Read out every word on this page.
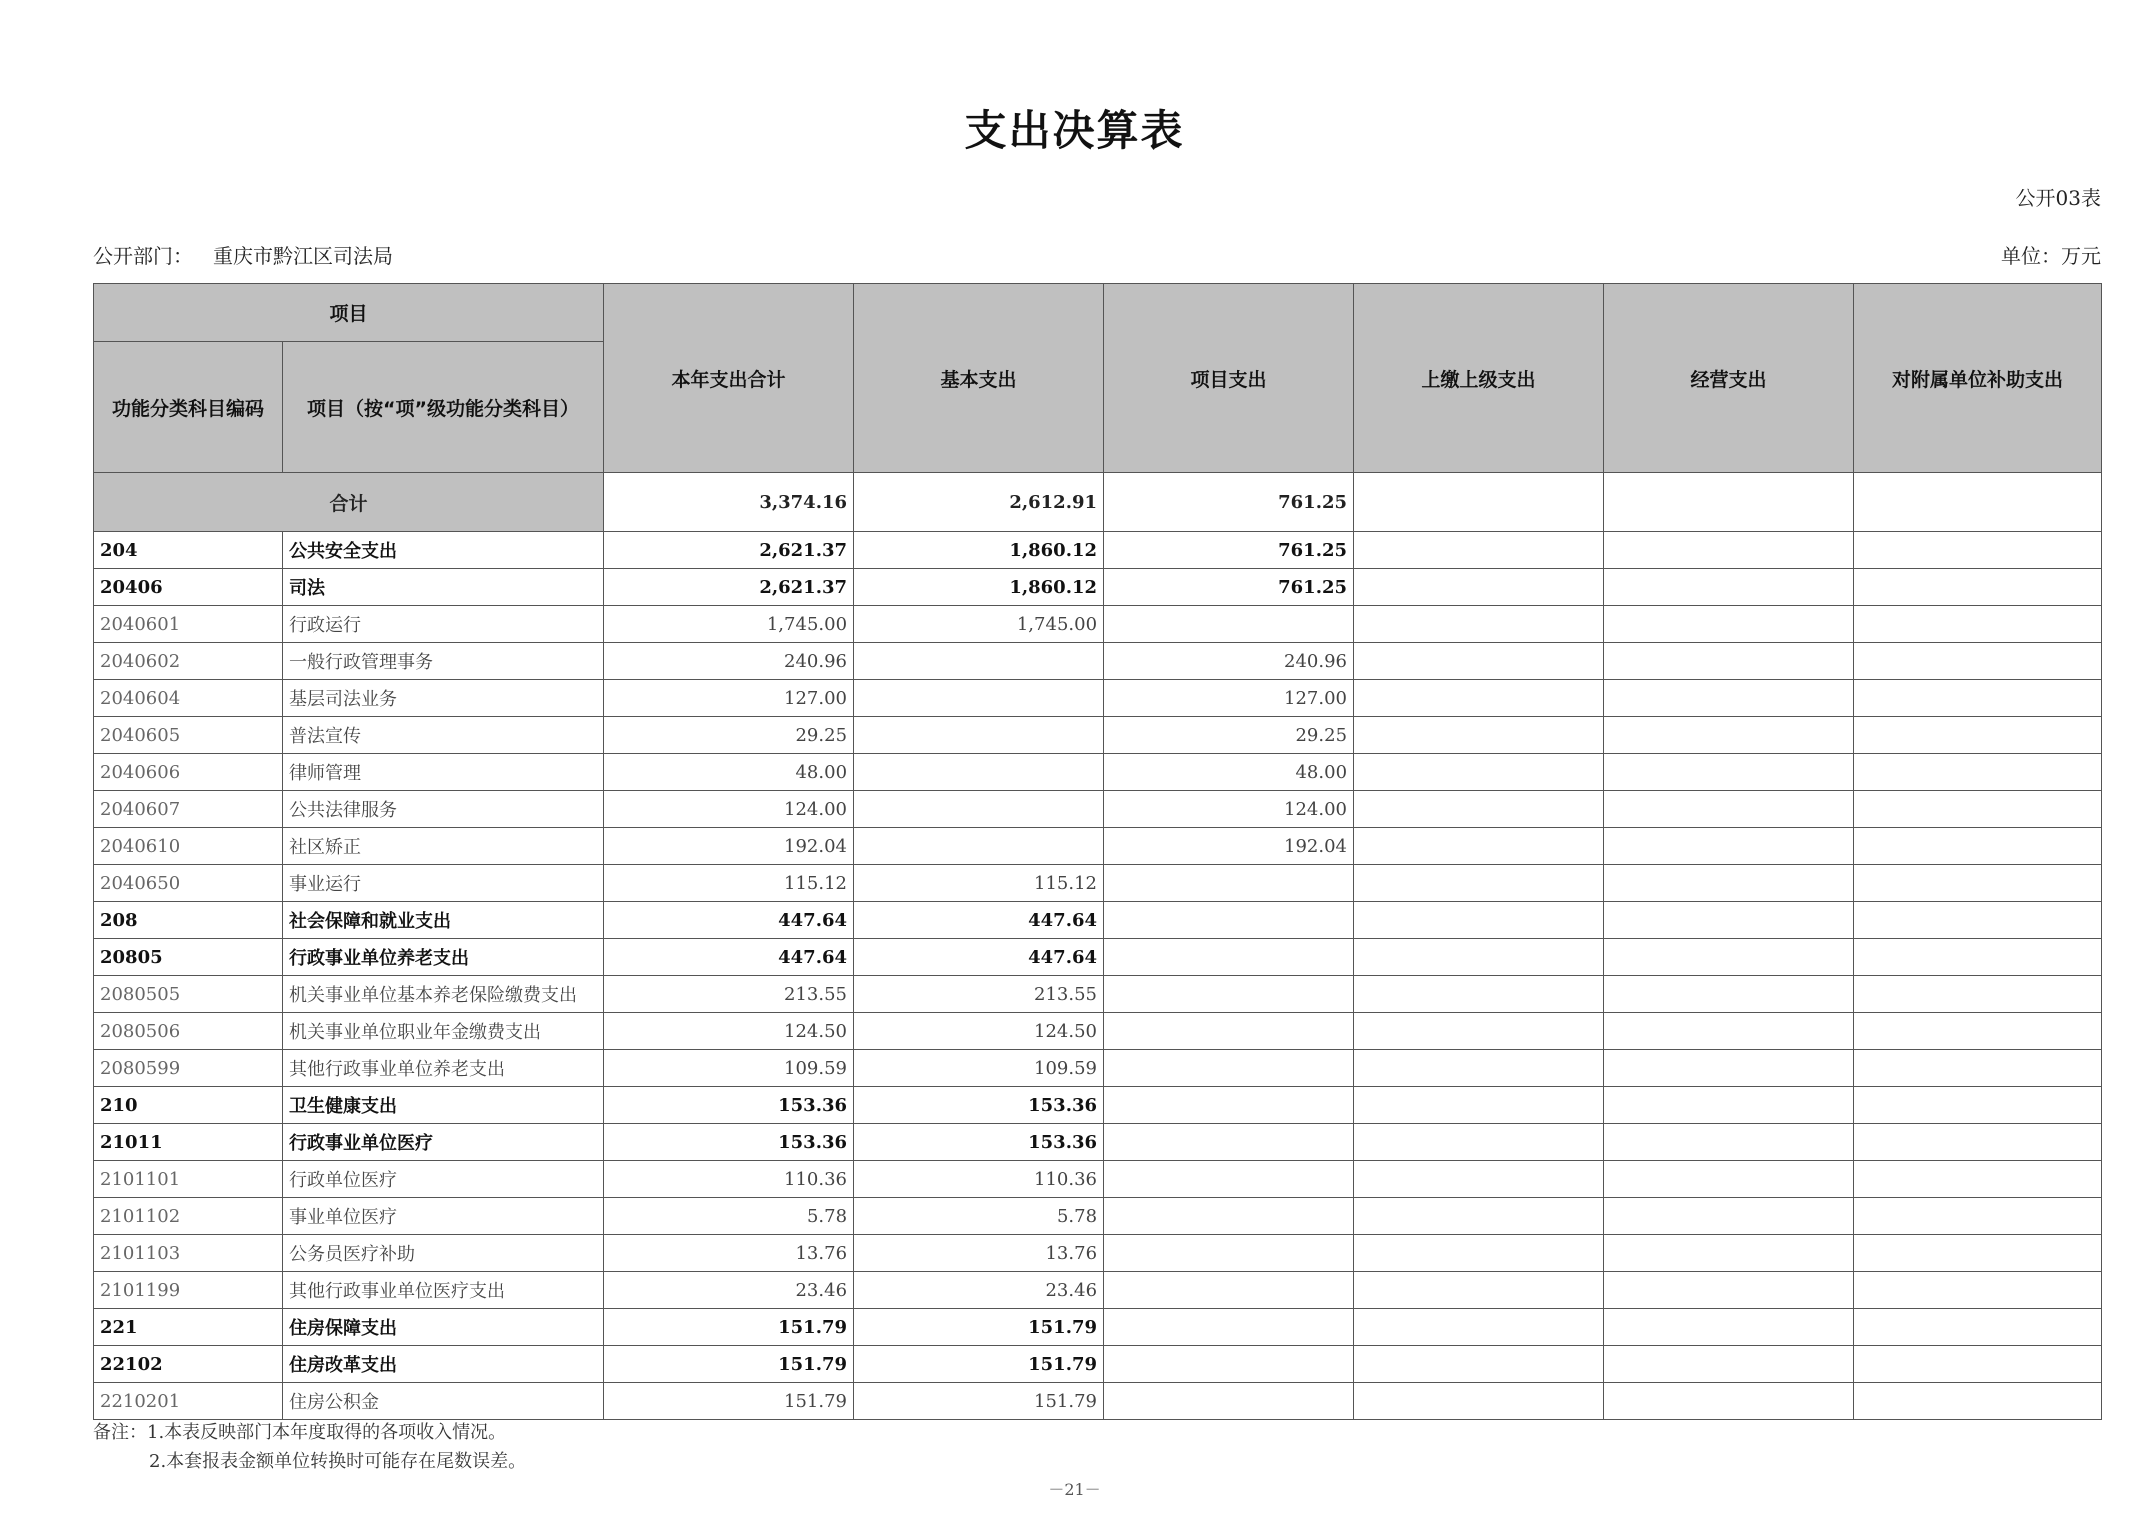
支出决算表
公开03表
公开部门： 重庆市黔江区司法局	单位：万元
项目		本年支出合计	基本支出	项目支出	上缴上级支出	经营支出	对附属单位补助支出
功能分类科目编码	项目（按“项”级功能分类科目）						
合计		3,374.16	2,612.91	761.25			
204	公共安全支出	2,621.37	1,860.12	761.25			
20406	司法	2,621.37	1,860.12	761.25			
2040601	行政运行	1,745.00	1,745.00				
2040602	一般行政管理事务	240.96		240.96			
2040604	基层司法业务	127.00		127.00			
2040605	普法宣传	29.25		29.25			
2040606	律师管理	48.00		48.00			
2040607	公共法律服务	124.00		124.00			
2040610	社区矫正	192.04		192.04			
2040650	事业运行	115.12	115.12				
208	社会保障和就业支出	447.64	447.64				
20805	行政事业单位养老支出	447.64	447.64				
2080505	机关事业单位基本养老保险缴费支出	213.55	213.55				
2080506	机关事业单位职业年金缴费支出	124.50	124.50				
2080599	其他行政事业单位养老支出	109.59	109.59				
210	卫生健康支出	153.36	153.36				
21011	行政事业单位医疗	153.36	153.36				
2101101	行政单位医疗	110.36	110.36				
2101102	事业单位医疗	5.78	5.78				
2101103	公务员医疗补助	13.76	13.76				
2101199	其他行政事业单位医疗支出	23.46	23.46				
221	住房保障支出	151.79	151.79				
22102	住房改革支出	151.79	151.79				
2210201	住房公积金	151.79	151.79				
备注：1.本表反映部门本年度取得的各项收入情况。
2.本套报表金额单位转换时可能存在尾数误差。
－21－
